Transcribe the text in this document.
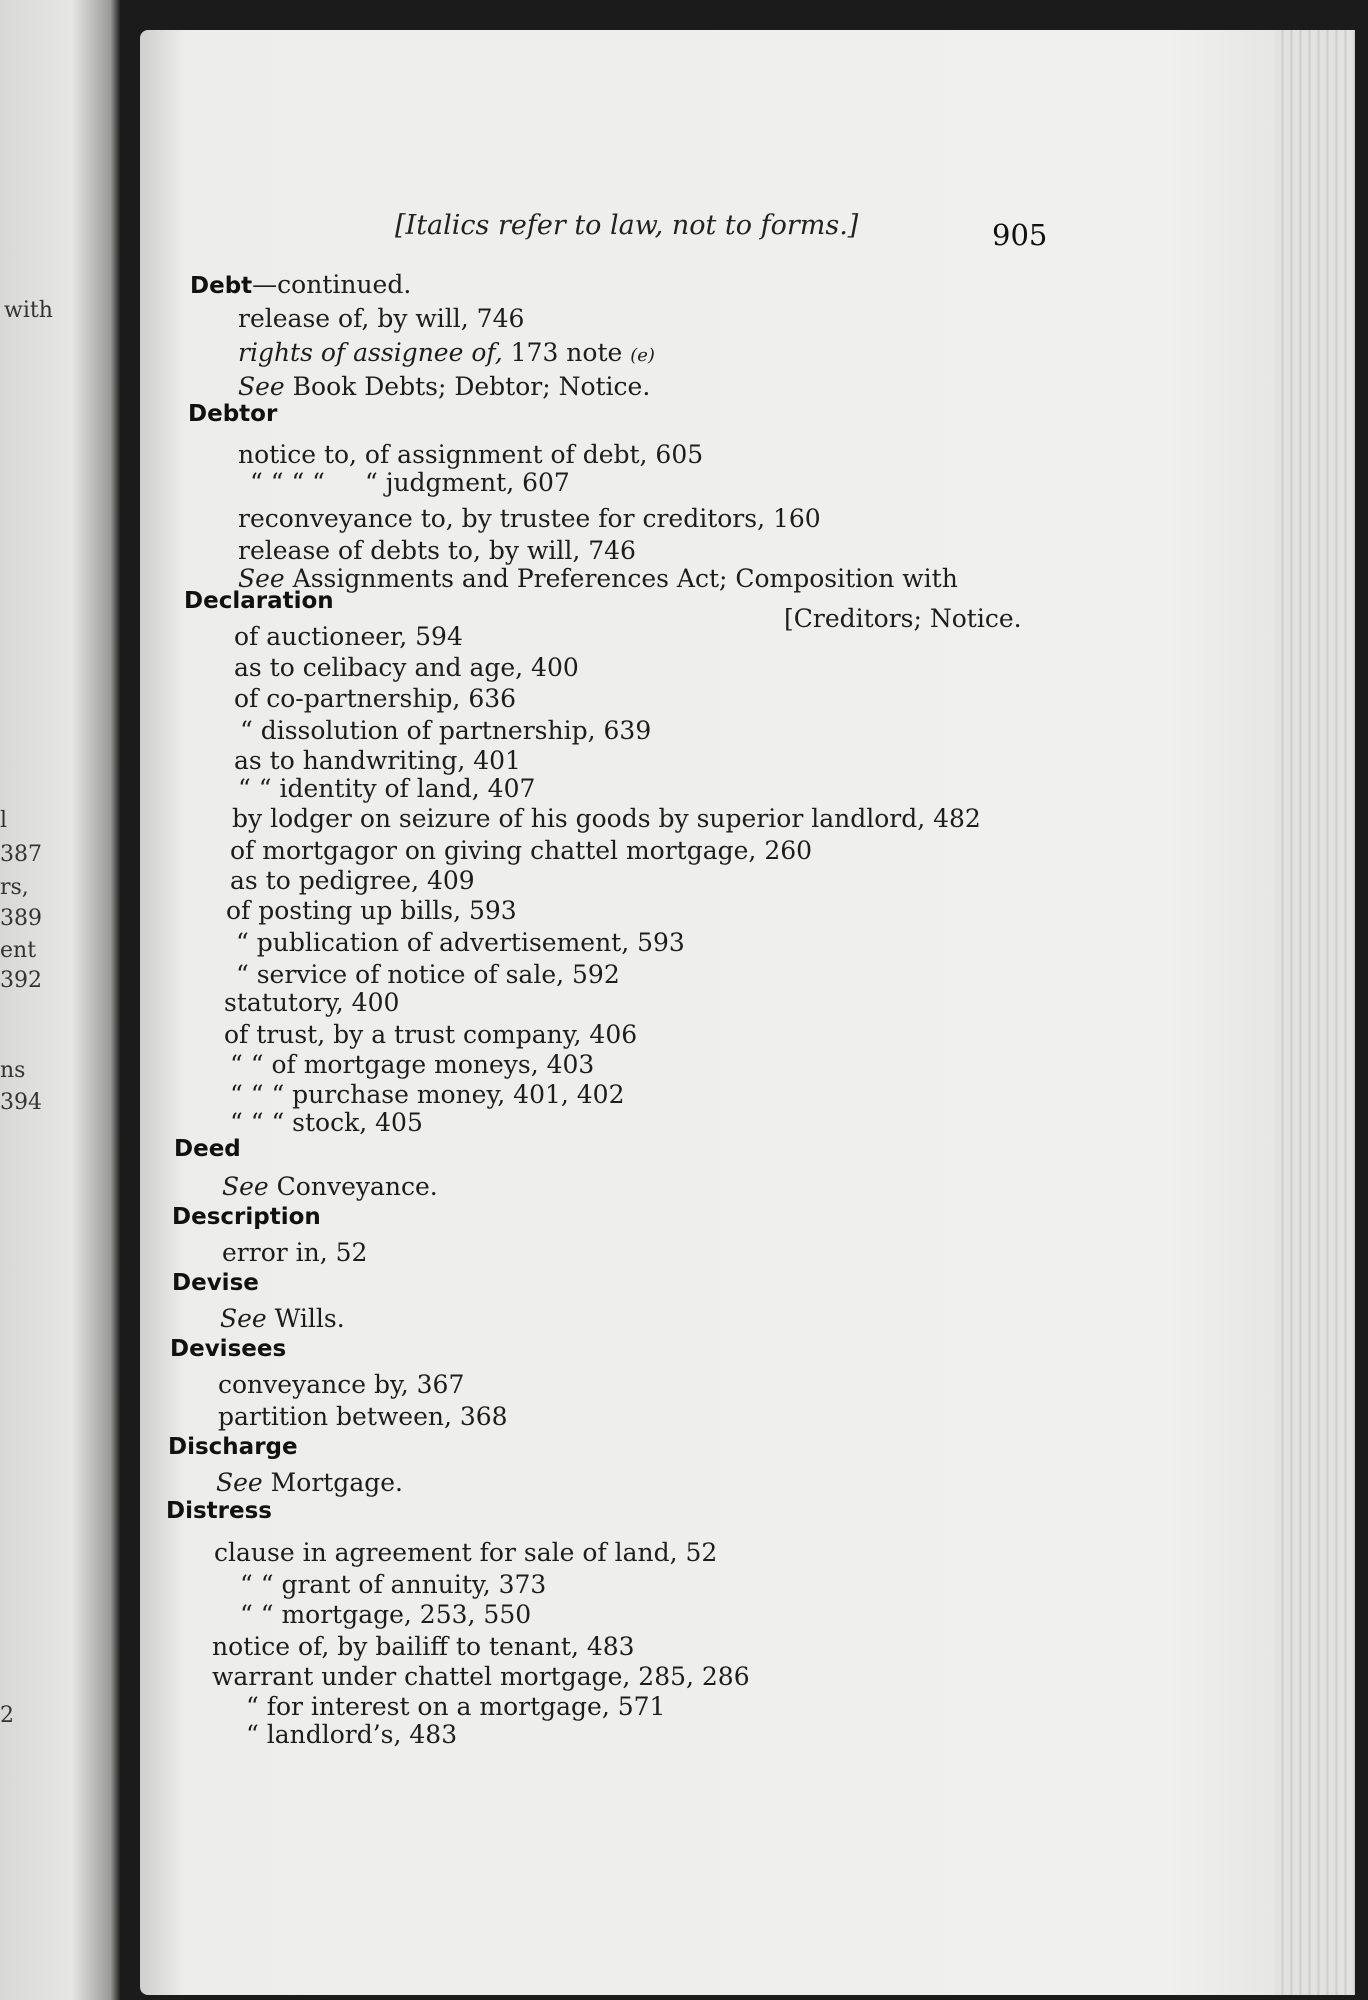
with
l
387
rs,
389
ent
392
ns
394
2
[Italics refer to law, not to forms.]	905
Debt—continued.
release of, by will, 746
rights of assignee of, 173 note (e)
See Book Debts; Debtor; Notice.
Debtor
notice to, of assignment of debt, 605
“ “ “ “ “ judgment, 607
reconveyance to, by trustee for creditors, 160
release of debts to, by will, 746
See Assignments and Preferences Act; Composition with
[Creditors; Notice.
Declaration
of auctioneer, 594
as to celibacy and age, 400
of co-partnership, 636
“ dissolution of partnership, 639
as to handwriting, 401
“ “ identity of land, 407
by lodger on seizure of his goods by superior landlord, 482
of mortgagor on giving chattel mortgage, 260
as to pedigree, 409
of posting up bills, 593
“ publication of advertisement, 593
“ service of notice of sale, 592
statutory, 400
of trust, by a trust company, 406
“ “ of mortgage moneys, 403
“ “ “ purchase money, 401, 402
“ “ “ stock, 405
Deed
See Conveyance.
Description
error in, 52
Devise
See Wills.
Devisees
conveyance by, 367
partition between, 368
Discharge
See Mortgage.
Distress
clause in agreement for sale of land, 52
“ “ grant of annuity, 373
“ “ mortgage, 253, 550
notice of, by bailiff to tenant, 483
warrant under chattel mortgage, 285, 286
“ for interest on a mortgage, 571
“ landlord’s, 483
